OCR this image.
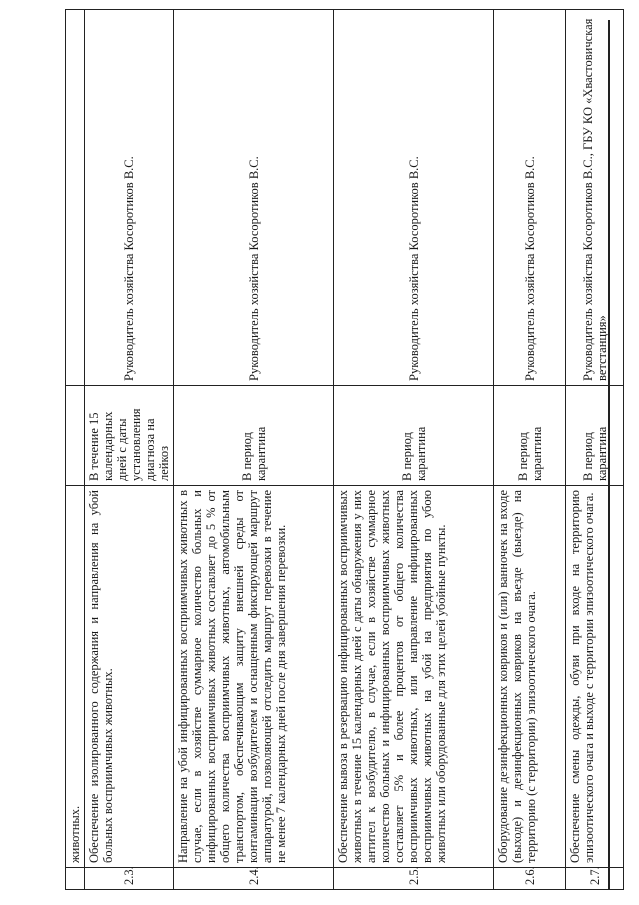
	животных.		
2.3.	Обеспечение изолированного содержания и направления на убой больных восприимчивых животных.	В течение 15 календарных дней с даты установления диагноза на лейкоз	Руководитель хозяйства Косоротиков В.С.
2.4.	Направление на убой инфицированных восприимчивых животных в случае, если в хозяйстве суммарное количество больных и инфицированных восприимчивых животных составляет до 5 % от общего количества восприимчивых животных, автомобильным транспортом, обеспечивающим защиту внешней среды от контаминации возбудителем и оснащенным фиксирующей маршрут аппаратурой, позволяющей отследить маршрут перевозки в течение не менее 7 календарных дней после дня завершения перевозки.	В период карантина	Руководитель хозяйства Косоротиков В.С.
2.5.	Обеспечение вывоза в резервацию инфицированных восприимчивых животных в течение 15 календарных дней с даты обнаружения у них антител к возбудителю, в случае, если в хозяйстве суммарное количество больных и инфицированных восприимчивых животных составляет 5% и более процентов от общего количества восприимчивых животных, или направление инфицированных восприимчивых животных на убой на предприятия по убою животных или оборудованные для этих целей убойные пункты.	В период карантина	Руководитель хозяйства Косоротиков В.С.
2.6.	Оборудование дезинфекционных ковриков и (или) ванночек на входе (выходе) и дезинфекционных ковриков на въезде (выезде) на территорию (с территории) эпизоотического очага.	В период карантина	Руководитель хозяйства Косоротиков В.С.
2.7.	Обеспечение смены одежды, обуви при входе на территорию эпизоотического очага и выходе с территории эпизоотического очага.	В период карантина	Руководитель хозяйства Косоротиков В.С., ГБУ КО «Хвастовичская ветстанция»
